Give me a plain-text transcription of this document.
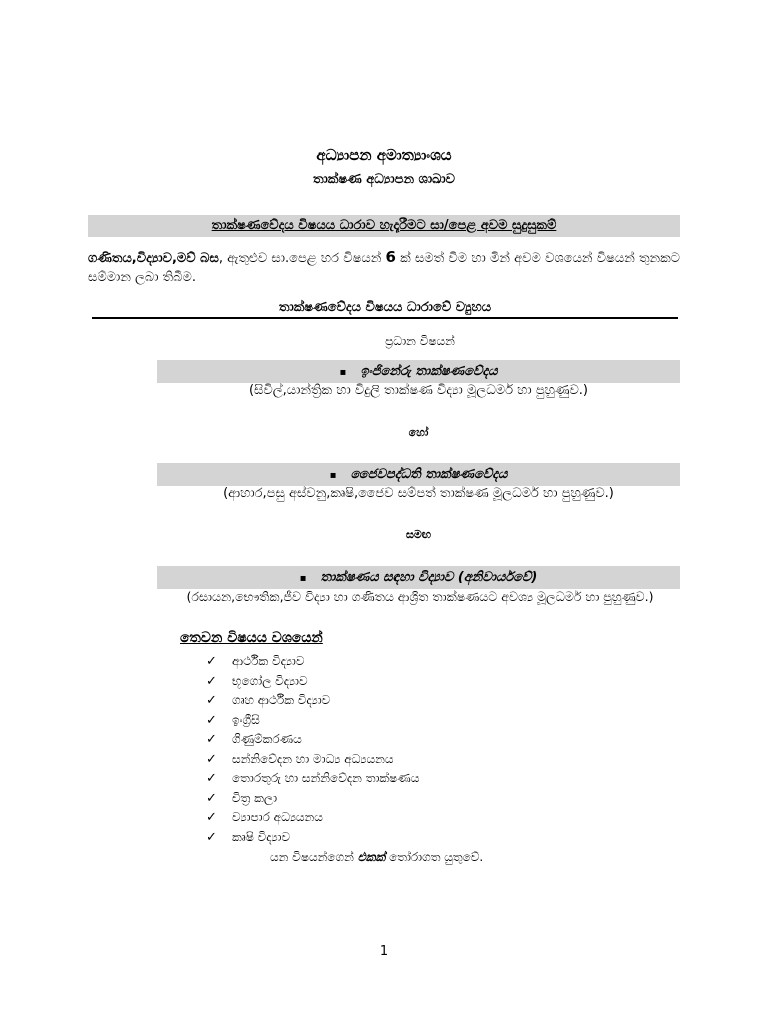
අධ්‍යාපන අමාත්‍යාංශය
තාක්ෂණ අධ්‍යාපන ශාඛාව
තාක්ෂණවේදය විෂයය ධාරාව හැදෑරීමට සා/පෙළ අවම සුදුසුකම්
ගණිතය,විද්‍යාව,මව් බස, ඇතුළුව සා.පෙළ හර විෂයන් 6 ක් සමත් වීම හා මින් අවම වශයෙන් විෂයන් තුනකට සම්මාන ලබා තිබීම.
තාක්ෂණවේදය විෂයය ධාරාවේ ව්‍යුහය
ප්‍රධාන විෂයන්
▪ ඉංජිනේරු තාක්ෂණවේදය
(සිවිල්,යාන්ත්‍රික හා විදුලි තාක්ෂණ විද්‍යා මූලධර්ම හා පුහුණුව.)
හෝ
▪ ජෛවපද්ධති තාක්ෂණවේදය
(ආහාර,පසු අස්වනු,කෘෂි,ජෛව සම්පත් තාක්ෂණ මූලධර්ම හා පුහුණුව.)
සමඟ
▪ තාක්ෂණය සඳහා විද්‍යාව (අනිවාර්යවේ)
(රසායන,භෞතික,ජීව විද්‍යා හා ගණිතය ආශ්‍රිත තාක්ෂණයට අවශ්‍ය මූලධර්ම හා පුහුණුව.)
තෙවන විෂයය වශයෙන්
✓	ආර්ථික විද්‍යාව
✓	භූගෝල විද්‍යාව
✓	ගෘහ ආර්ථික විද්‍යාව
✓	ඉංග්‍රීසි
✓	ගිණුම්කරණය
✓	සන්නිවේදන හා මාධ්‍ය අධ්‍යයනය
✓	තොරතුරු හා සන්නිවේදන තාක්ෂණය
✓	චිත්‍ර කලා
✓	ව්‍යාපාර අධ්‍යයනය
✓	කෘෂි විද්‍යාව
යන විෂයන්ගෙන් එකක් තෝරාගත යුතුවේ.
1
